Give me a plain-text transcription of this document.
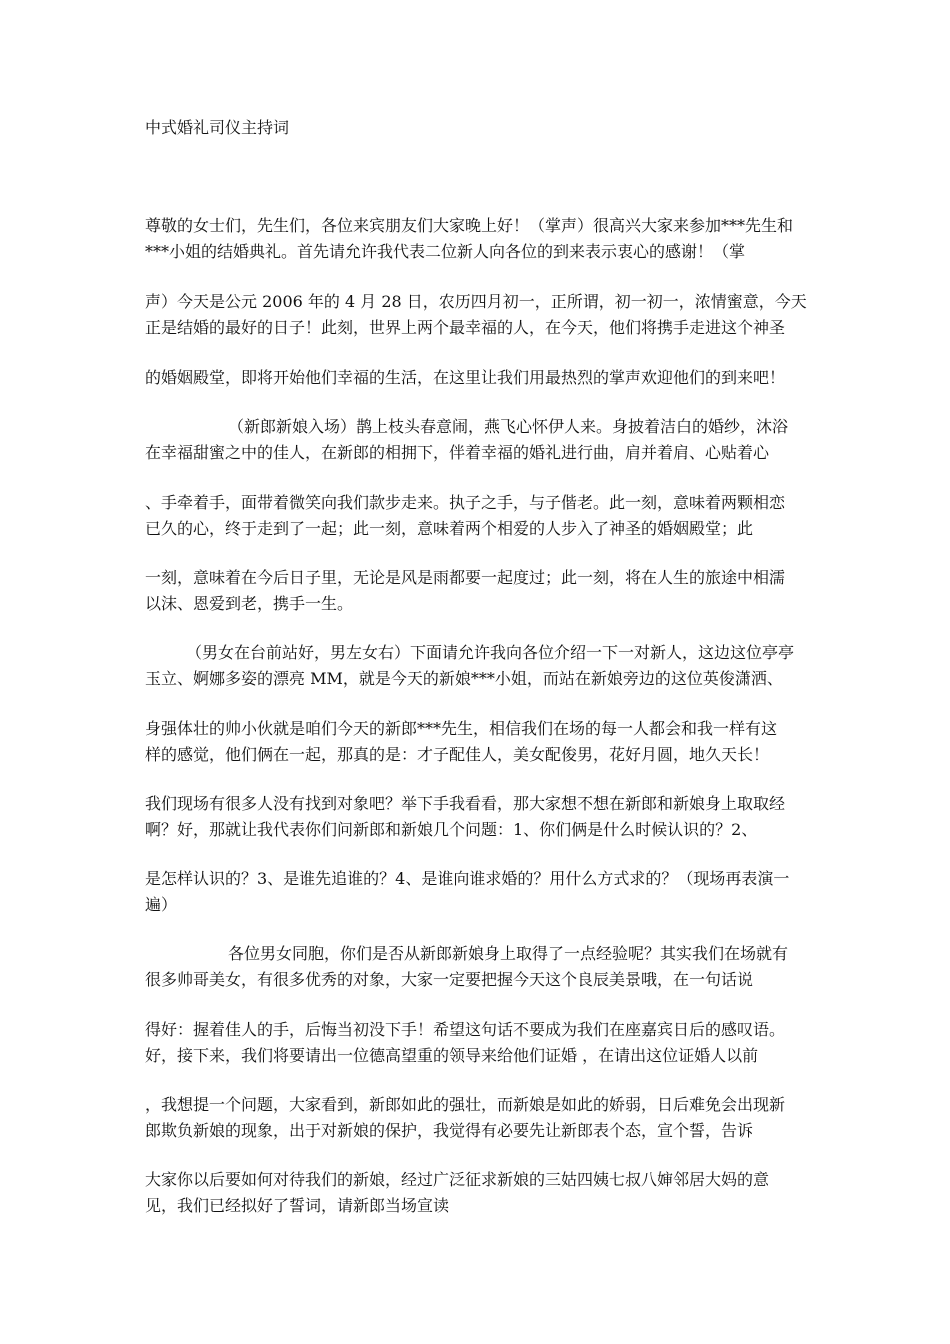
中式婚礼司仪主持词
尊敬的女士们，先生们，各位来宾朋友们大家晚上好！（掌声）很高兴大家来参加***先生和
***小姐的结婚典礼。首先请允许我代表二位新人向各位的到来表示衷心的感谢！（掌
声）今天是公元 2006 年的 4 月 28 日，农历四月初一，正所谓，初一初一，浓情蜜意，今天
正是结婚的最好的日子！此刻，世界上两个最幸福的人，在今天，他们将携手走进这个神圣
的婚姻殿堂，即将开始他们幸福的生活，在这里让我们用最热烈的掌声欢迎他们的到来吧！
（新郎新娘入场）鹊上枝头春意闹，燕飞心怀伊人来。身披着洁白的婚纱，沐浴
在幸福甜蜜之中的佳人，在新郎的相拥下，伴着幸福的婚礼进行曲，肩并着肩、心贴着心
、手牵着手，面带着微笑向我们款步走来。执子之手，与子偕老。此一刻，意味着两颗相恋
已久的心，终于走到了一起；此一刻，意味着两个相爱的人步入了神圣的婚姻殿堂；此
一刻，意味着在今后日子里，无论是风是雨都要一起度过；此一刻，将在人生的旅途中相濡
以沫、恩爱到老，携手一生。
（男女在台前站好，男左女右）下面请允许我向各位介绍一下一对新人，这边这位亭亭
玉立、婀娜多姿的漂亮 MM，就是今天的新娘***小姐，而站在新娘旁边的这位英俊潇洒、
身强体壮的帅小伙就是咱们今天的新郎***先生，相信我们在场的每一人都会和我一样有这
样的感觉，他们俩在一起，那真的是：才子配佳人，美女配俊男，花好月圆，地久天长！
我们现场有很多人没有找到对象吧？举下手我看看，那大家想不想在新郎和新娘身上取取经
啊？好，那就让我代表你们问新郎和新娘几个问题：1、你们俩是什么时候认识的？2、
是怎样认识的？3、是谁先追谁的？4、是谁向谁求婚的？用什么方式求的？（现场再表演一
遍）
各位男女同胞，你们是否从新郎新娘身上取得了一点经验呢？其实我们在场就有
很多帅哥美女，有很多优秀的对象，大家一定要把握今天这个良辰美景哦，在一句话说
得好：握着佳人的手，后悔当初没下手！希望这句话不要成为我们在座嘉宾日后的感叹语。
好，接下来，我们将要请出一位德高望重的领导来给他们证婚 ，在请出这位证婚人以前
，我想提一个问题，大家看到，新郎如此的强壮，而新娘是如此的娇弱，日后难免会出现新
郎欺负新娘的现象，出于对新娘的保护，我觉得有必要先让新郎表个态，宣个誓，告诉
大家你以后要如何对待我们的新娘，经过广泛征求新娘的三姑四姨七叔八婶邻居大妈的意
见，我们已经拟好了誓词，请新郎当场宣读
